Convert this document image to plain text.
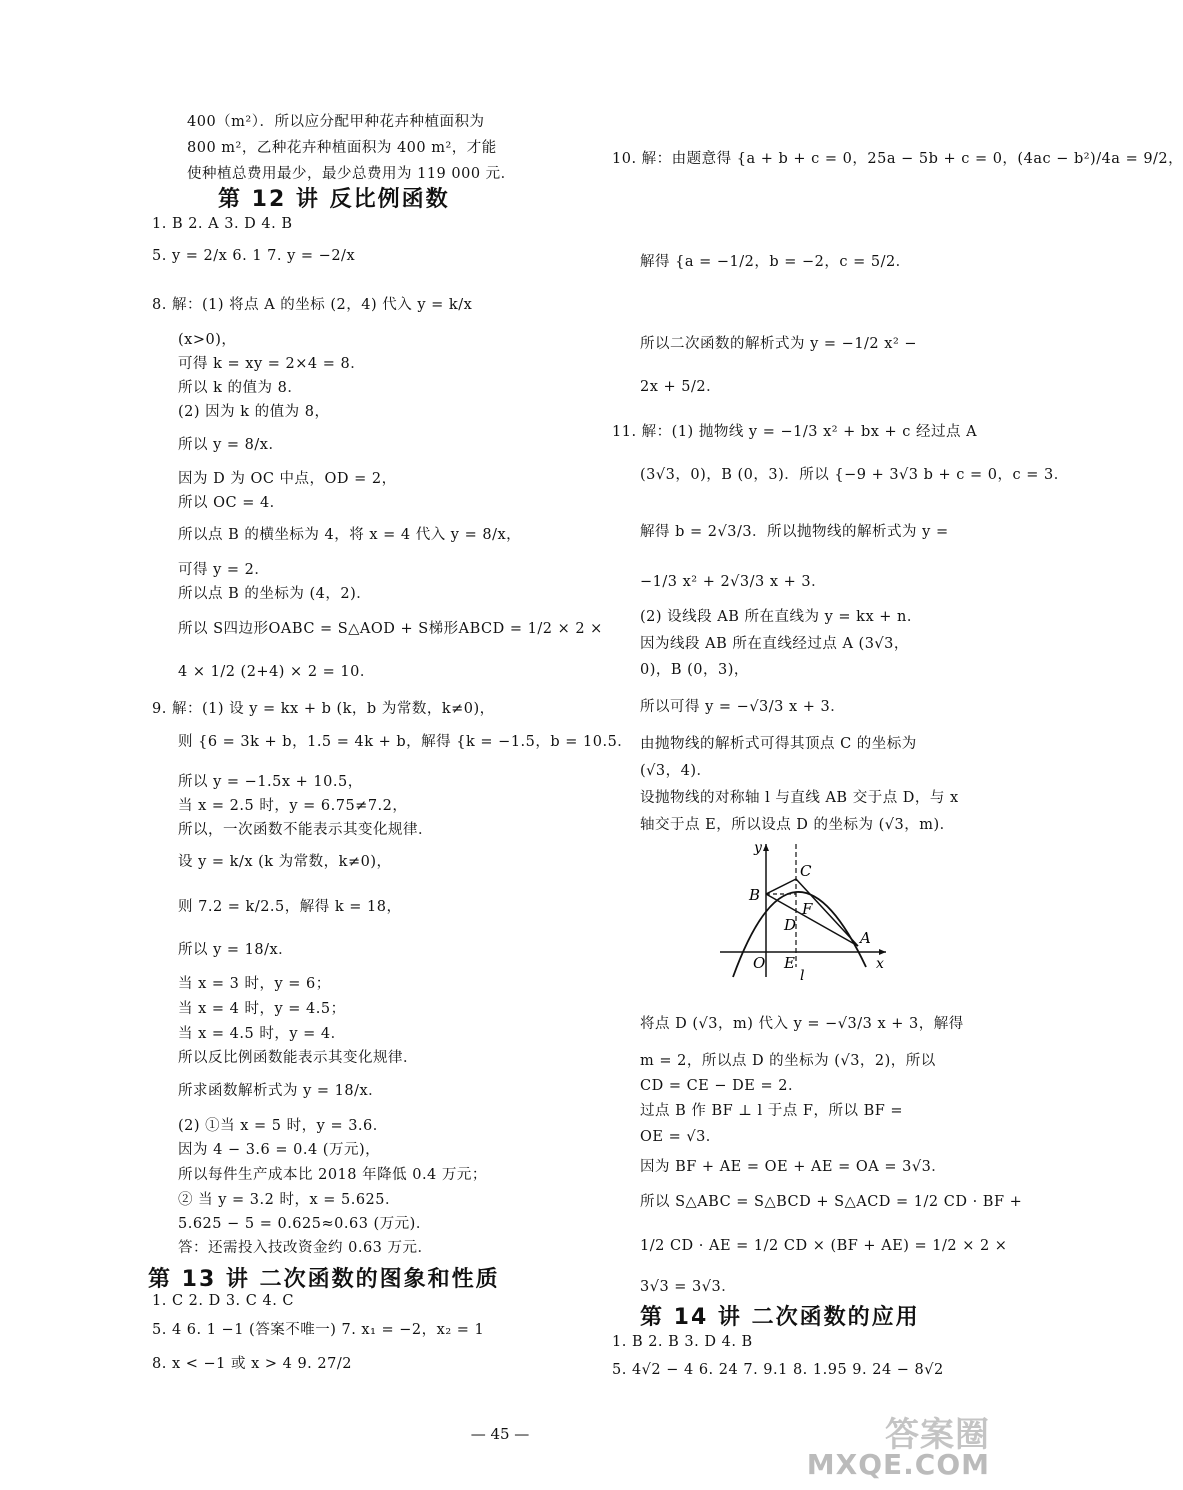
400（m²）．所以应分配甲种花卉种植面积为
800 m²，乙种花卉种植面积为 400 m²，才能
使种植总费用最少，最少总费用为 119 000 元．
1. B 2. A 3. D 4. B
5. y = 2/x 6. 1 7. y = −2/x
8. 解：(1) 将点 A 的坐标 (2，4) 代入 y = k/x
(x>0)，
可得 k = xy = 2×4 = 8．
所以 k 的值为 8．
(2) 因为 k 的值为 8，
所以 y = 8/x．
因为 D 为 OC 中点，OD = 2，
所以 OC = 4．
所以点 B 的横坐标为 4，将 x = 4 代入 y = 8/x，
可得 y = 2．
所以点 B 的坐标为 (4，2)．
所以 S四边形OABC = S△AOD + S梯形ABCD = 1/2 × 2 ×
4 × 1/2 (2+4) × 2 = 10．
9. 解：(1) 设 y = kx + b (k，b 为常数，k≠0)，
则 {6 = 3k + b，1.5 = 4k + b，解得 {k = −1.5，b = 10.5．
所以 y = −1.5x + 10.5，
当 x = 2.5 时，y = 6.75≠7.2，
所以，一次函数不能表示其变化规律．
设 y = k/x (k 为常数，k≠0)，
则 7.2 = k/2.5，解得 k = 18，
所以 y = 18/x．
当 x = 3 时，y = 6；
当 x = 4 时，y = 4.5；
当 x = 4.5 时，y = 4．
所以反比例函数能表示其变化规律．
所求函数解析式为 y = 18/x．
(2) ①当 x = 5 时，y = 3.6．
因为 4 − 3.6 = 0.4 (万元)，
所以每件生产成本比 2018 年降低 0.4 万元；
② 当 y = 3.2 时，x = 5.625．
5.625 − 5 = 0.625≈0.63 (万元)．
答：还需投入技改资金约 0.63 万元．
1. C 2. D 3. C 4. C
5. 4 6. 1 −1 (答案不唯一) 7. x₁ = −2，x₂ = 1
8. x < −1 或 x > 4 9. 27/2
10. 解：由题意得 {a + b + c = 0，25a − 5b + c = 0，(4ac − b²)/4a = 9/2，
解得 {a = −1/2，b = −2，c = 5/2．
所以二次函数的解析式为 y = −1/2 x² −
2x + 5/2．
11. 解：(1) 抛物线 y = −1/3 x² + bx + c 经过点 A
(3√3，0)，B (0，3)．所以 {−9 + 3√3 b + c = 0，c = 3．
解得 b = 2√3/3．所以抛物线的解析式为 y =
−1/3 x² + 2√3/3 x + 3．
(2) 设线段 AB 所在直线为 y = kx + n．
因为线段 AB 所在直线经过点 A (3√3，
0)，B (0，3)，
所以可得 y = −√3/3 x + 3．
由抛物线的解析式可得其顶点 C 的坐标为
(√3，4)．
设抛物线的对称轴 l 与直线 AB 交于点 D，与 x
轴交于点 E，所以设点 D 的坐标为 (√3，m)．
将点 D (√3，m) 代入 y = −√3/3 x + 3，解得
m = 2，所以点 D 的坐标为 (√3，2)，所以
CD = CE − DE = 2．
过点 B 作 BF ⊥ l 于点 F，所以 BF =
OE = √3．
因为 BF + AE = OE + AE = OA = 3√3．
所以 S△ABC = S△BCD + S△ACD = 1/2 CD · BF +
1/2 CD · AE = 1/2 CD × (BF + AE) = 1/2 × 2 ×
3√3 = 3√3．
1. B 2. B 3. D 4. B
5. 4√2 − 4 6. 24 7. 9.1 8. 1.95 9. 24 − 8√2
第 12 讲 反比例函数
第 13 讲 二次函数的图象和性质
第 14 讲 二次函数的应用
y
x
C
B
F
D
A
O E
l
— 45 —	答案圈
MXQE.COM
